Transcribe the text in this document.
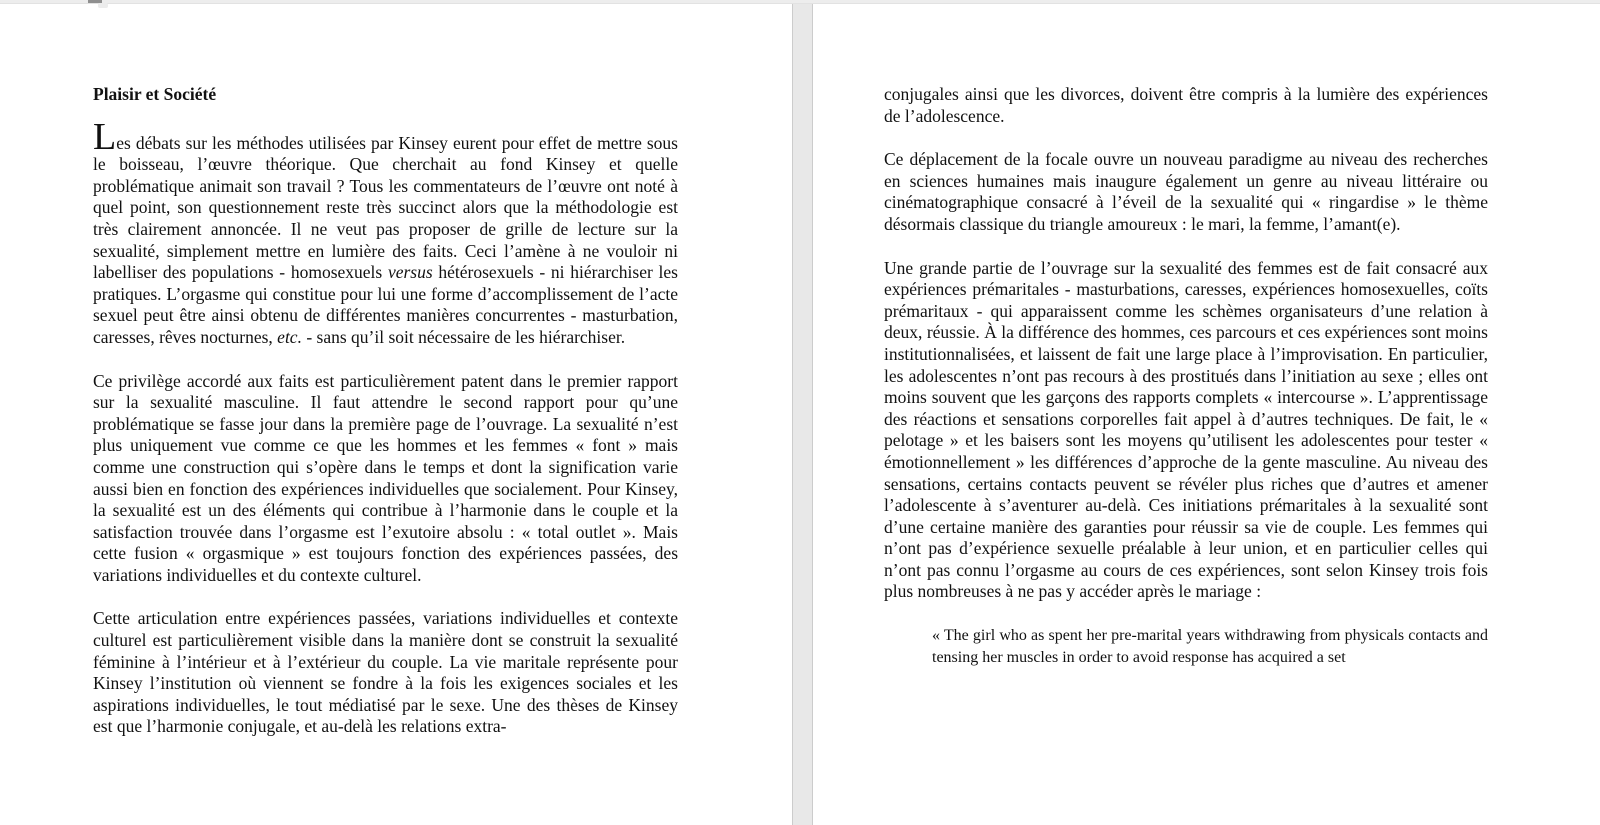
Plaisir et Société

Les débats sur les méthodes utilisées par Kinsey eurent pour effet de mettre sous le boisseau, l’œuvre théorique. Que cherchait au fond Kinsey et quelle problématique animait son travail ? Tous les commentateurs de l’œuvre ont noté à quel point, son questionnement reste très succinct alors que la méthodologie est très clairement annoncée. Il ne veut pas proposer de grille de lecture sur la sexualité, simplement mettre en lumière des faits. Ceci l’amène à ne vouloir ni labelliser des populations - homosexuels versus hétérosexuels - ni hiérarchiser les pratiques. L’orgasme qui constitue pour lui une forme d’accomplissement de l’acte sexuel peut être ainsi obtenu de différentes manières concurrentes - masturbation, caresses, rêves nocturnes, etc. - sans qu’il soit nécessaire de les hiérarchiser.

Ce privilège accordé aux faits est particulièrement patent dans le premier rapport sur la sexualité masculine. Il faut attendre le second rapport pour qu’une problématique se fasse jour dans la première page de l’ouvrage. La sexualité n’est plus uniquement vue comme ce que les hommes et les femmes « font » mais comme une construction qui s’opère dans le temps et dont la signification varie aussi bien en fonction des expériences individuelles que socialement. Pour Kinsey, la sexualité est un des éléments qui contribue à l’harmonie dans le couple et la satisfaction trouvée dans l’orgasme est l’exutoire absolu : « total outlet ». Mais cette fusion « orgasmique » est toujours fonction des expériences passées, des variations individuelles et du contexte culturel.

Cette articulation entre expériences passées, variations individuelles et contexte culturel est particulièrement visible dans la manière dont se construit la sexualité féminine à l’intérieur et à l’extérieur du couple. La vie maritale représente pour Kinsey l’institution où viennent se fondre à la fois les exigences sociales et les aspirations individuelles, le tout médiatisé par le sexe. Une des thèses de Kinsey est que l’harmonie conjugale, et au-delà les relations extra-

conjugales ainsi que les divorces, doivent être compris à la lumière des expériences de l’adolescence.

Ce déplacement de la focale ouvre un nouveau paradigme au niveau des recherches en sciences humaines mais inaugure également un genre au niveau littéraire ou cinématographique consacré à l’éveil de la sexualité qui « ringardise » le thème désormais classique du triangle amoureux : le mari, la femme, l’amant(e).

Une grande partie de l’ouvrage sur la sexualité des femmes est de fait consacré aux expériences prémaritales - masturbations, caresses, expériences homosexuelles, coïts prémaritaux - qui apparaissent comme les schèmes organisateurs d’une relation à deux, réussie. À la différence des hommes, ces parcours et ces expériences sont moins institutionnalisées, et laissent de fait une large place à l’improvisation. En particulier, les adolescentes n’ont pas recours à des prostitués dans l’initiation au sexe ; elles ont moins souvent que les garçons des rapports complets « intercourse ». L’apprentissage des réactions et sensations corporelles fait appel à d’autres techniques. De fait, le « pelotage » et les baisers sont les moyens qu’utilisent les adolescentes pour tester « émotionnellement » les différences d’approche de la gente masculine. Au niveau des sensations, certains contacts peuvent se révéler plus riches que d’autres et amener l’adolescente à s’aventurer au-delà. Ces initiations prémaritales à la sexualité sont d’une certaine manière des garanties pour réussir sa vie de couple. Les femmes qui n’ont pas d’expérience sexuelle préalable à leur union, et en particulier celles qui n’ont pas connu l’orgasme au cours de ces expériences, sont selon Kinsey trois fois plus nombreuses à ne pas y accéder après le mariage :

« The girl who as spent her pre-marital years withdrawing from physicals contacts and tensing her muscles in order to avoid response has acquired a set
